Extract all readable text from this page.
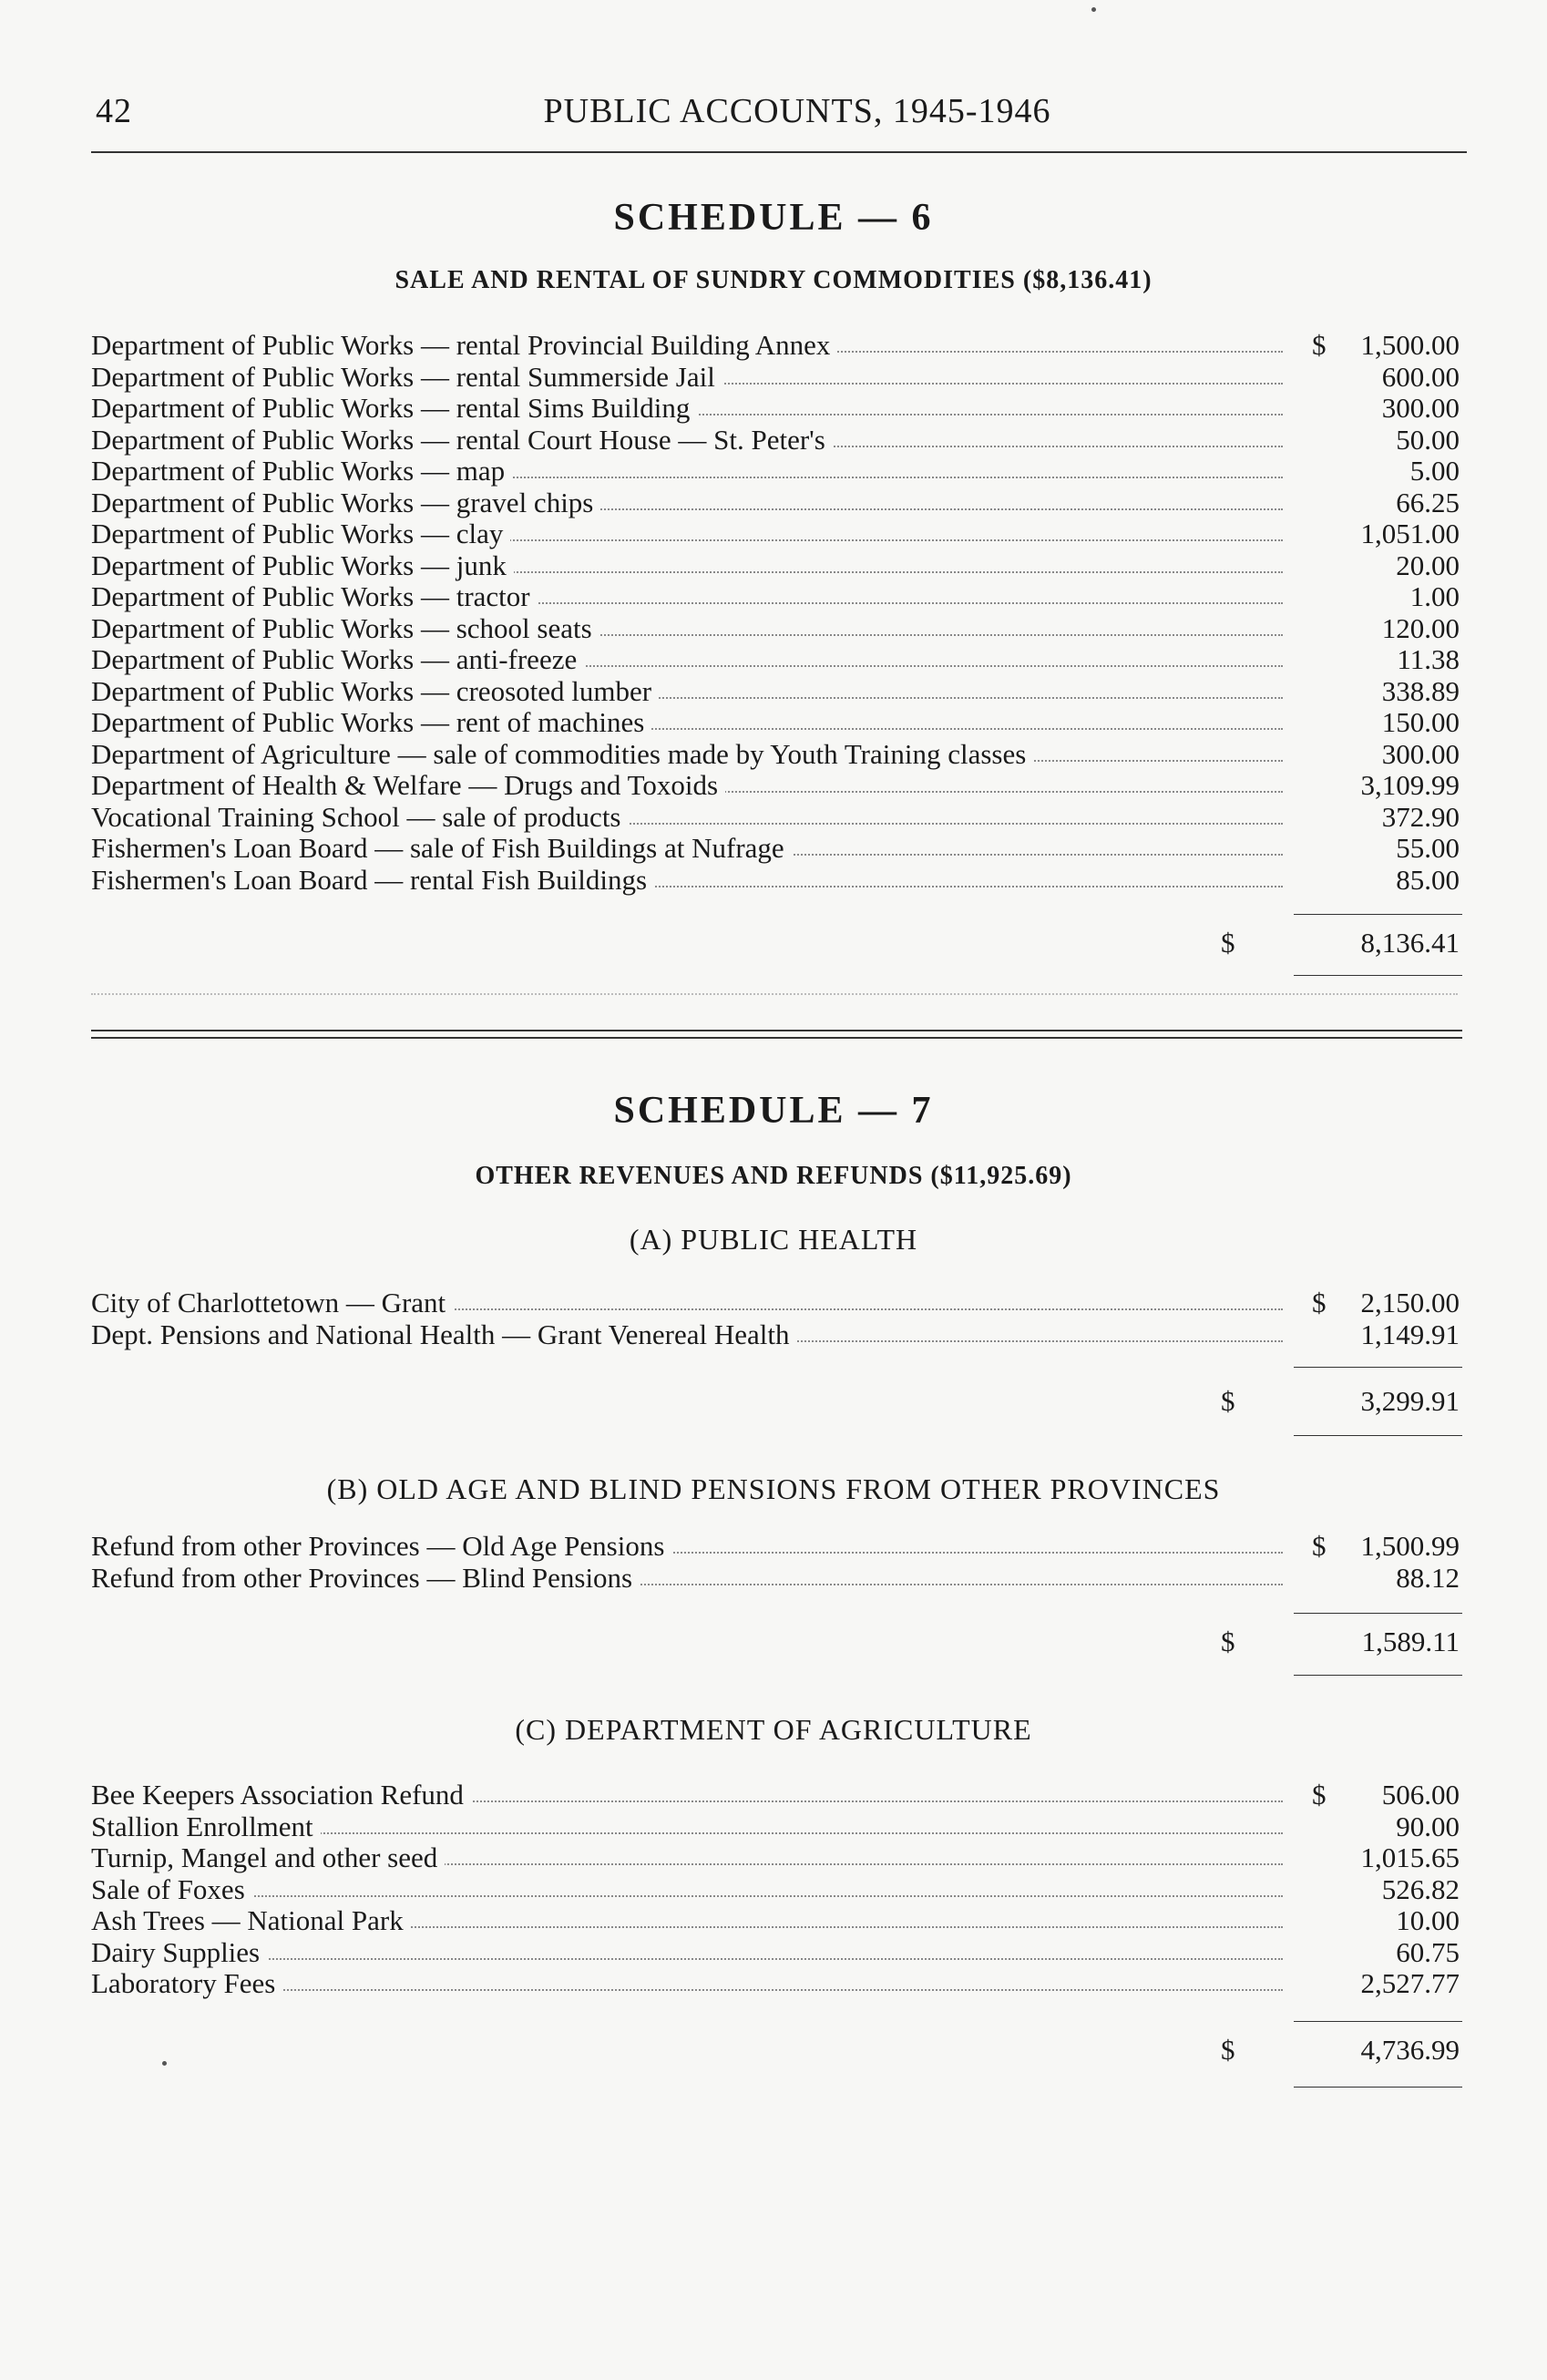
42	PUBLIC ACCOUNTS, 1945-1946
SCHEDULE — 6
SALE AND RENTAL OF SUNDRY COMMODITIES ($8,136.41)
Department of Public Works — rental Provincial Building Annex	$	1,500.00
Department of Public Works — rental Summerside Jail	600.00
Department of Public Works — rental Sims Building	300.00
Department of Public Works — rental Court House — St. Peter's	50.00
Department of Public Works — map	5.00
Department of Public Works — gravel chips	66.25
Department of Public Works — clay	1,051.00
Department of Public Works — junk	20.00
Department of Public Works — tractor	1.00
Department of Public Works — school seats	120.00
Department of Public Works — anti-freeze	11.38
Department of Public Works — creosoted lumber	338.89
Department of Public Works — rent of machines	150.00
Department of Agriculture — sale of commodities made by Youth Training classes	300.00
Department of Health & Welfare — Drugs and Toxoids	3,109.99
Vocational Training School — sale of products	372.90
Fishermen's Loan Board — sale of Fish Buildings at Nufrage	55.00
Fishermen's Loan Board — rental Fish Buildings	85.00
$	8,136.41
SCHEDULE — 7
OTHER REVENUES AND REFUNDS ($11,925.69)
(A) PUBLIC HEALTH
City of Charlottetown — Grant	$	2,150.00
Dept. Pensions and National Health — Grant Venereal Health	1,149.91
$	3,299.91
(B) OLD AGE AND BLIND PENSIONS FROM OTHER PROVINCES
Refund from other Provinces — Old Age Pensions	$	1,500.99
Refund from other Provinces — Blind Pensions	88.12
$	1,589.11
(C) DEPARTMENT OF AGRICULTURE
Bee Keepers Association Refund	$	506.00
Stallion Enrollment	90.00
Turnip, Mangel and other seed	1,015.65
Sale of Foxes	526.82
Ash Trees — National Park	10.00
Dairy Supplies	60.75
Laboratory Fees	2,527.77
$	4,736.99
